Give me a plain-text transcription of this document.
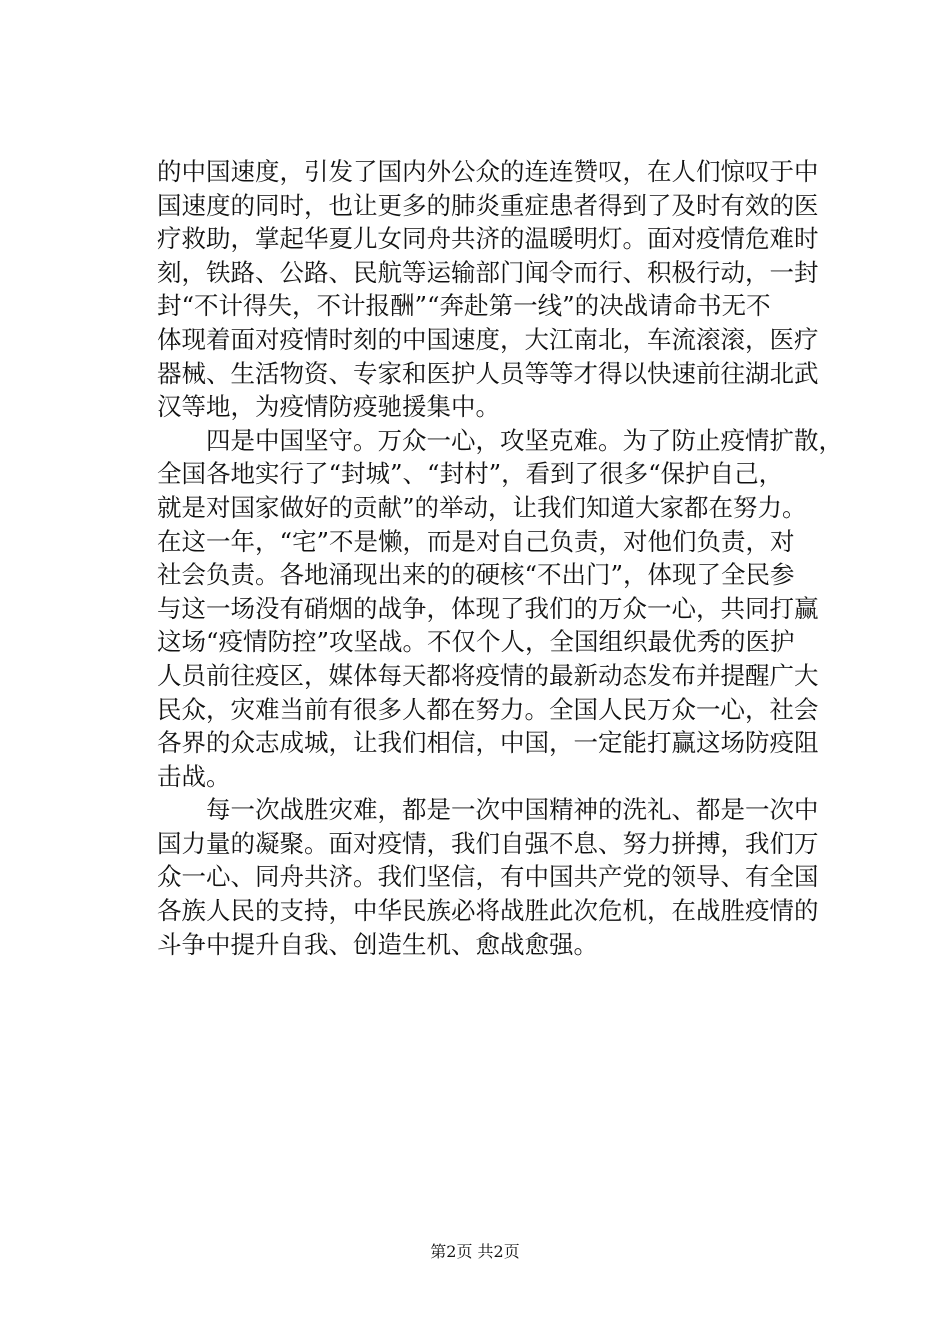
的中国速度，引发了国内外公众的连连赞叹，在人们惊叹于中
国速度的同时，也让更多的肺炎重症患者得到了及时有效的医
疗救助，掌起华夏儿女同舟共济的温暖明灯。面对疫情危难时
刻，铁路、公路、民航等运输部门闻令而行、积极行动，一封
封“不计得失，不计报酬”“奔赴第一线”的决战请命书无不
体现着面对疫情时刻的中国速度，大江南北，车流滚滚，医疗
器械、生活物资、专家和医护人员等等才得以快速前往湖北武
汉等地，为疫情防疫驰援集中。
四是中国坚守。万众一心，攻坚克难。为了防止疫情扩散，
全国各地实行了“封城”、“封村”，看到了很多“保护自己，
就是对国家做好的贡献”的举动，让我们知道大家都在努力。
在这一年，“宅”不是懒，而是对自己负责，对他们负责，对
社会负责。各地涌现出来的的硬核“不出门”，体现了全民参
与这一场没有硝烟的战争，体现了我们的万众一心，共同打赢
这场“疫情防控”攻坚战。不仅个人，全国组织最优秀的医护
人员前往疫区，媒体每天都将疫情的最新动态发布并提醒广大
民众，灾难当前有很多人都在努力。全国人民万众一心，社会
各界的众志成城，让我们相信，中国，一定能打赢这场防疫阻
击战。
每一次战胜灾难，都是一次中国精神的洗礼、都是一次中
国力量的凝聚。面对疫情，我们自强不息、努力拼搏，我们万
众一心、同舟共济。我们坚信，有中国共产党的领导、有全国
各族人民的支持，中华民族必将战胜此次危机，在战胜疫情的
斗争中提升自我、创造生机、愈战愈强。
第2页 共2页
